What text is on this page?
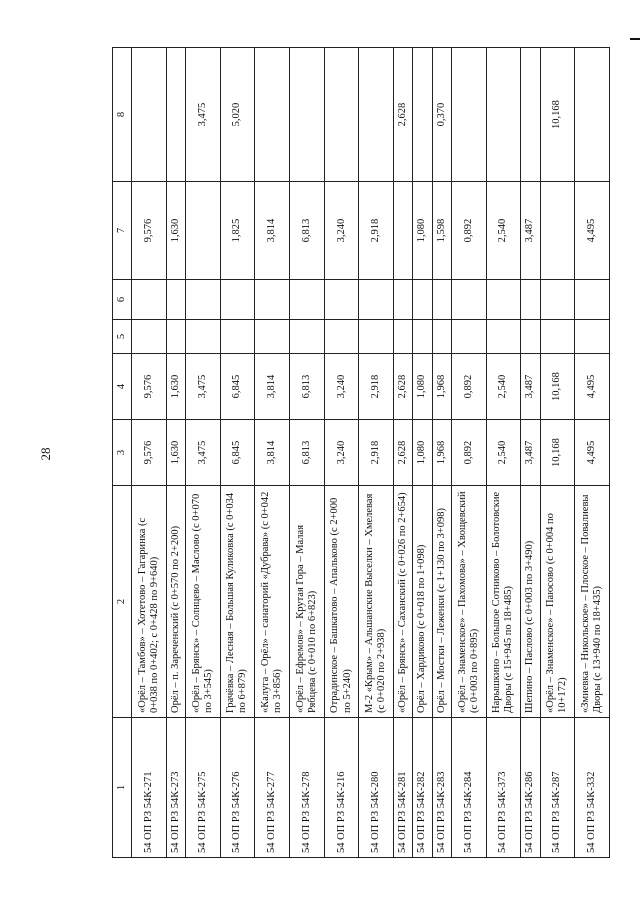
28
1	2	3	4	5	6	7	8
54 ОП РЗ 54К-271	«Орёл – Тамбов» – Хотетово – Гагаринка (с 0+038 по 0+402; с 0+428 по 9+640)	9,576	9,576			9,576	
54 ОП РЗ 54К-273	Орёл – п. Зареченский (с 0+570 по 2+200)	1,630	1,630			1,630	
54 ОП РЗ 54К-275	«Орёл – Брянск» – Солнцево – Маслово (с 0+070 по 3+545)	3,475	3,475				3,475
54 ОП РЗ 54К-276	Грачёвка – Лесная – Большая Куликовка (с 0+034 по 6+879)	6,845	6,845			1,825	5,020
54 ОП РЗ 54К-277	«Калуга – Орёл» – санаторий «Дубрава» (с 0+042 по 3+856)	3,814	3,814			3,814	
54 ОП РЗ 54К-278	«Орёл – Ефремов» – Крутая Гора – Малая Рябцева (с 0+010 по 6+823)	6,813	6,813			6,813	
54 ОП РЗ 54К-216	Отрадинское – Башкатово – Апальково (с 2+000 по 5+240)	3,240	3,240			3,240	
54 ОП РЗ 54К-280	М-2 «Крым» – Альшанские Выселки – Хмелевая (с 0+020 по 2+938)	2,918	2,918			2,918	
54 ОП РЗ 54К-281	«Орёл – Брянск» – Саханский (с 0+026 по 2+654)	2,628	2,628				2,628
54 ОП РЗ 54К-282	Орёл – Хардиково (с 0+018 по 1+098)	1,080	1,080			1,080	
54 ОП РЗ 54К-283	Орёл – Мостки – Леженки (с 1+130 по 3+098)	1,968	1,968			1,598	0,370
54 ОП РЗ 54К-284	«Орёл – Знаменское» – Пахомова» – Хвощевский (с 0+003 по 0+895)	0,892	0,892			0,892	
54 ОП РЗ 54К-373	Нарышкино – Большое Сотниково – Болотовские Дворы (с 15+945 по 18+485)	2,540	2,540			2,540	
54 ОП РЗ 54К-286	Шепино – Паслово (с 0+003 по 3+490)	3,487	3,487			3,487	
54 ОП РЗ 54К-287	«Орёл – Знаменское» – Паюсово (с 0+004 по 10+172)	10,168	10,168				10,168
54 ОП РЗ 54К-332	«Змиевка – Никольское» – Плоское – Повалиевы Дворы (с 13+940 по 18+435)	4,495	4,495			4,495	
